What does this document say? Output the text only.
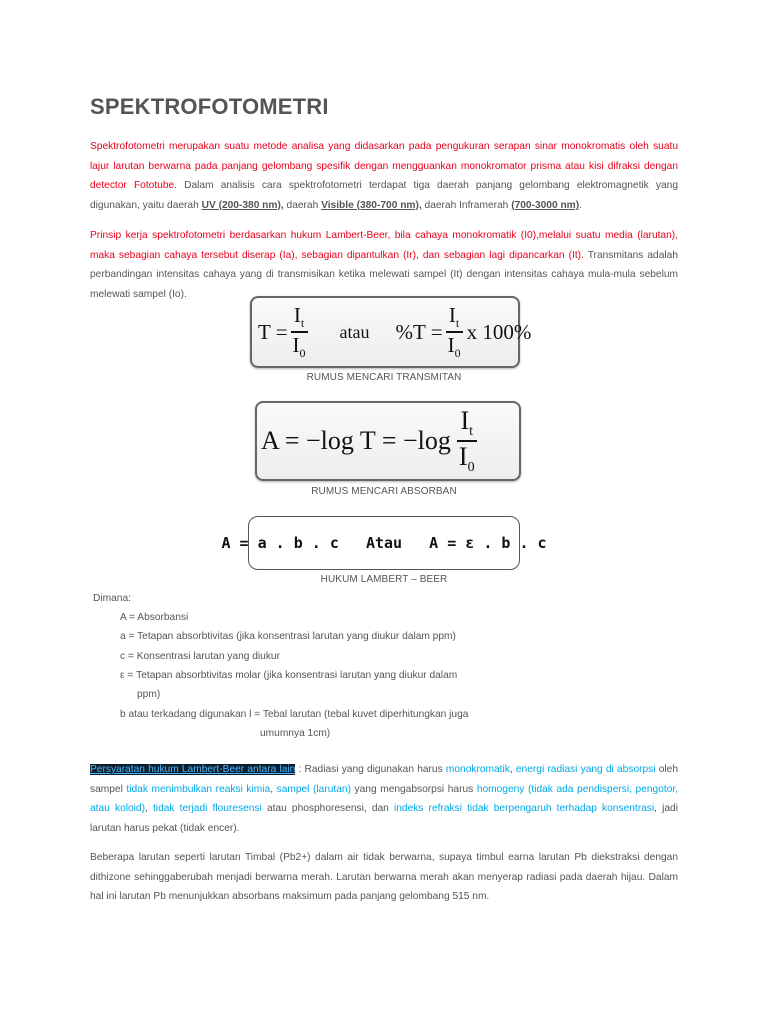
SPEKTROFOTOMETRI

Spektrofotometri merupakan suatu metode analisa yang didasarkan pada pengukuran serapan sinar monokromatis oleh suatu lajur larutan berwarna pada panjang gelombang spesifik dengan mengguankan monokromator prisma atau kisi difraksi dengan detector Fototube. Dalam analisis cara spektrofotometri terdapat tiga daerah panjang gelombang elektromagnetik yang digunakan, yaitu daerah UV (200-380 nm), daerah Visible (380-700 nm), daerah Inframerah (700-3000 nm).

Prinsip kerja spektrofotometri berdasarkan hukum Lambert-Beer, bila cahaya monokromatik (I0),melalui suatu media (larutan), maka sebagian cahaya tersebut diserap (Ia), sebagian dipantulkan (Ir), dan sebagian lagi dipancarkan (It). Transmitans adalah perbandingan intensitas cahaya yang di transmisikan ketika melewati sampel (It) dengan intensitas cahaya mula-mula sebelum melewati sampel (Io).

$T = \frac{I_t}{I_0}$ atau $\%T = \frac{I_t}{I_0}$ x 100%
RUMUS MENCARI TRANSMITAN
A = −log $T = -\log \frac{I_t}{I_0}$
RUMUS MENCARI ABSORBAN
A = a . b . c   Atau   A = ε . b . c
HUKUM LAMBERT – BEER
Dimana:
A = Absorbansi
a = Tetapan absorbtivitas (jika konsentrasi larutan yang diukur dalam ppm)
c = Konsentrasi larutan yang diukur
ε = Tetapan absorbtivitas molar (jika konsentrasi larutan yang diukur dalam
ppm)
b atau terkadang digunakan l = Tebal larutan (tebal kuvet diperhitungkan juga
umumnya 1cm)

Persyaratan hukum Lambert-Beer antara lain : Radiasi yang digunakan harus monokromatik, energi radiasi yang di absorpsi oleh sampel tidak menimbulkan reaksi kimia, sampel (larutan) yang mengabsorpsi harus homogeny (tidak ada pendispersi, pengotor, atau koloid), tidak terjadi flouresensi atau phosphoresensi, dan indeks refraksi tidak berpengaruh terhadap konsentrasi, jadi larutan harus pekat (tidak encer).

Beberapa larutan seperti larutan Timbal (Pb2+) dalam air tidak berwarna, supaya timbul earna larutan Pb diekstraksi dengan dithizone sehinggaberubah menjadi berwarna merah. Larutan berwarna merah akan menyerap radiasi pada daerah hijau. Dalam hal ini larutan Pb menunjukkan absorbans maksimum pada panjang gelombang 515 nm.
